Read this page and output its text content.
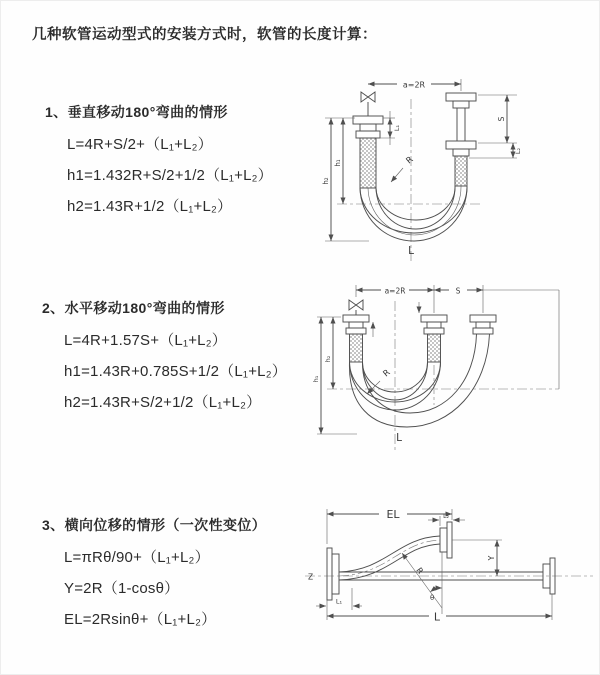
几种软管运动型式的安装方式时，软管的长度计算：
1、垂直移动180°弯曲的情形
L=4R+S/2+（L₁+L₂）
h1=1.432R+S/2+1/2（L₁+L₂）
h2=1.43R+1/2（L₁+L₂）
a=2R
h₁
h₂
L₁
S
L₂
R
L
2、水平移动180°弯曲的情形
L=4R+1.57S+（L₁+L₂）
h1=1.43R+0.785S+1/2（L₁+L₂）
h2=1.43R+S/2+1/2（L₁+L₂）
a=2R	S
h₁
h₂
R
L
3、横向位移的情形（一次性变位）
L=πRθ/90+（L₁+L₂）
Y=2R（1-cosθ）
EL=2Rsinθ+（L₁+L₂）
Z
EL	L₂
Y
θ
R
L
L₁
